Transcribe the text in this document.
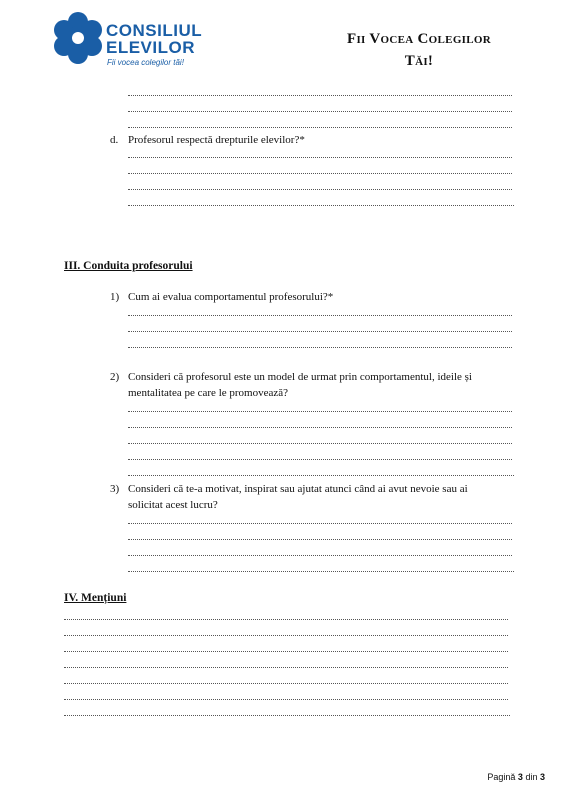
CONSILIUL
ELEVILOR
Fii vocea colegilor tăi!
Fii Vocea Colegilor
Tăi!
d. Profesorul respectă drepturile elevilor?*
III. Conduita profesorului
1) Cum ai evalua comportamentul profesorului?*
2) Consideri că profesorul este un model de urmat prin comportamentul, ideile și
mentalitatea pe care le promovează?
3) Consideri că te-a motivat, inspirat sau ajutat atunci când ai avut nevoie sau ai
solicitat acest lucru?
IV. Mențiuni
Pagină 3 din 3
